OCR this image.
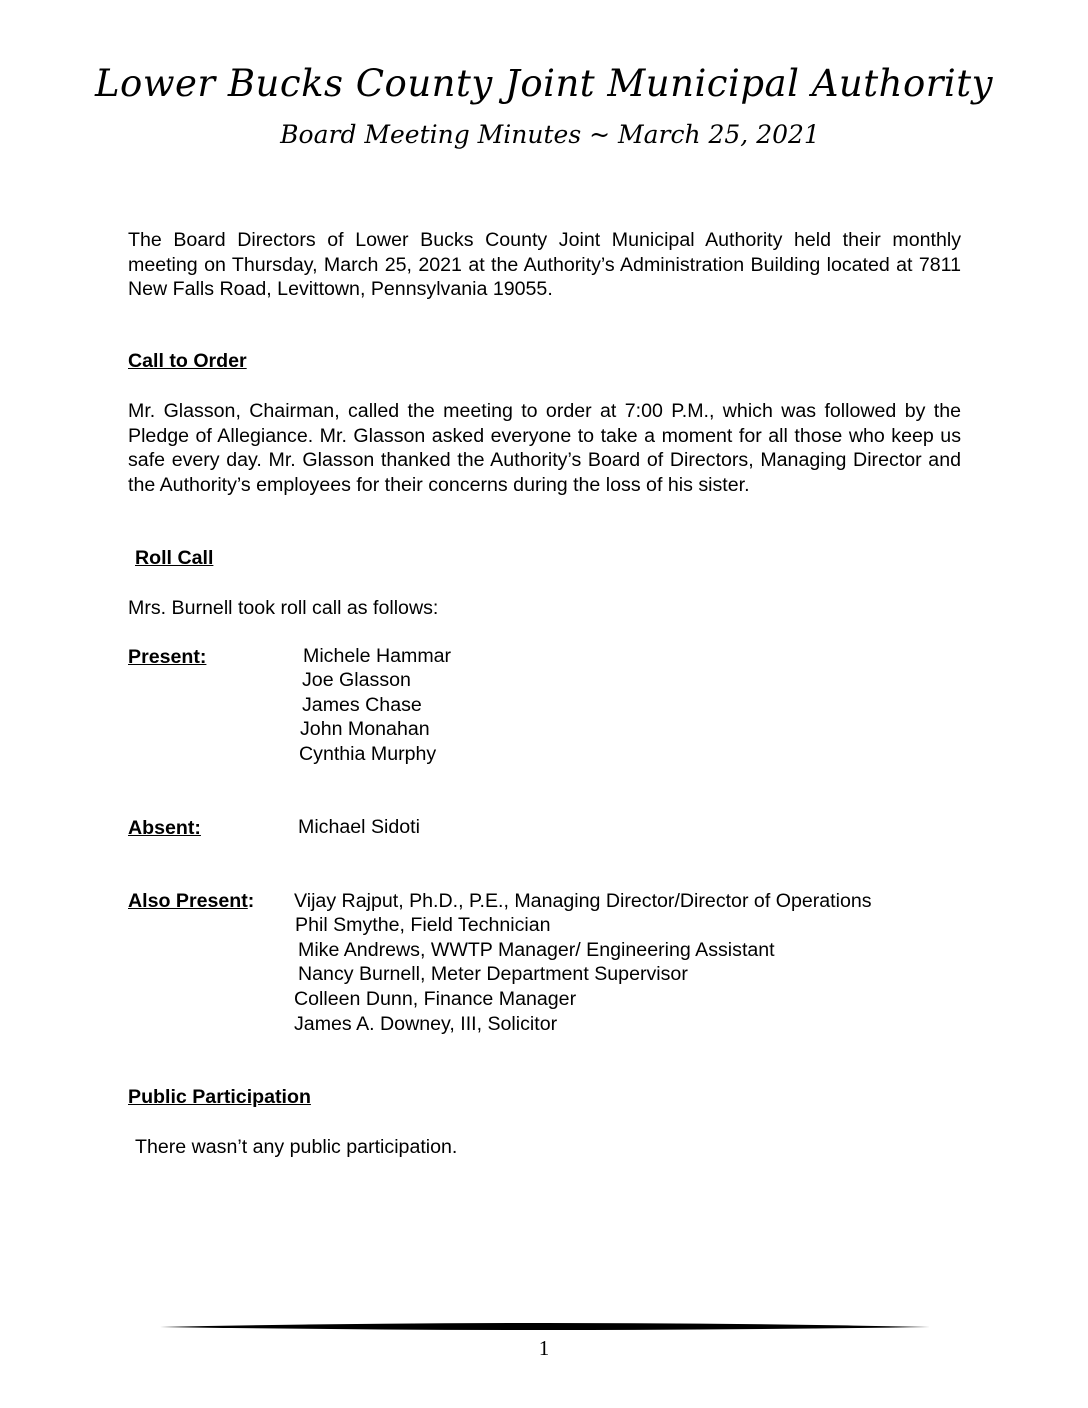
Lower Bucks County Joint Municipal Authority
Board Meeting Minutes ~ March 25, 2021

The Board Directors of Lower Bucks County Joint Municipal Authority held their monthly meeting on Thursday, March 25, 2021 at the Authority’s Administration Building located at 7811 New Falls Road, Levittown, Pennsylvania 19055.

Call to Order

Mr. Glasson, Chairman, called the meeting to order at 7:00 P.M., which was followed by the Pledge of Allegiance. Mr. Glasson asked everyone to take a moment for all those who keep us safe every day. Mr. Glasson thanked the Authority’s Board of Directors, Managing Director and the Authority’s employees for their concerns during the loss of his sister.

Roll Call
Mrs. Burnell took roll call as follows:
Present:	Michele Hammar
Joe Glasson
James Chase
John Monahan
Cynthia Murphy
Absent:	Michael Sidoti
Also Present: Vijay Rajput, Ph.D., P.E., Managing Director/Director of Operations
Phil Smythe, Field Technician
Mike Andrews, WWTP Manager/ Engineering Assistant
Nancy Burnell, Meter Department Supervisor
Colleen Dunn, Finance Manager
James A. Downey, III, Solicitor
Public Participation
There wasn’t any public participation.
1
